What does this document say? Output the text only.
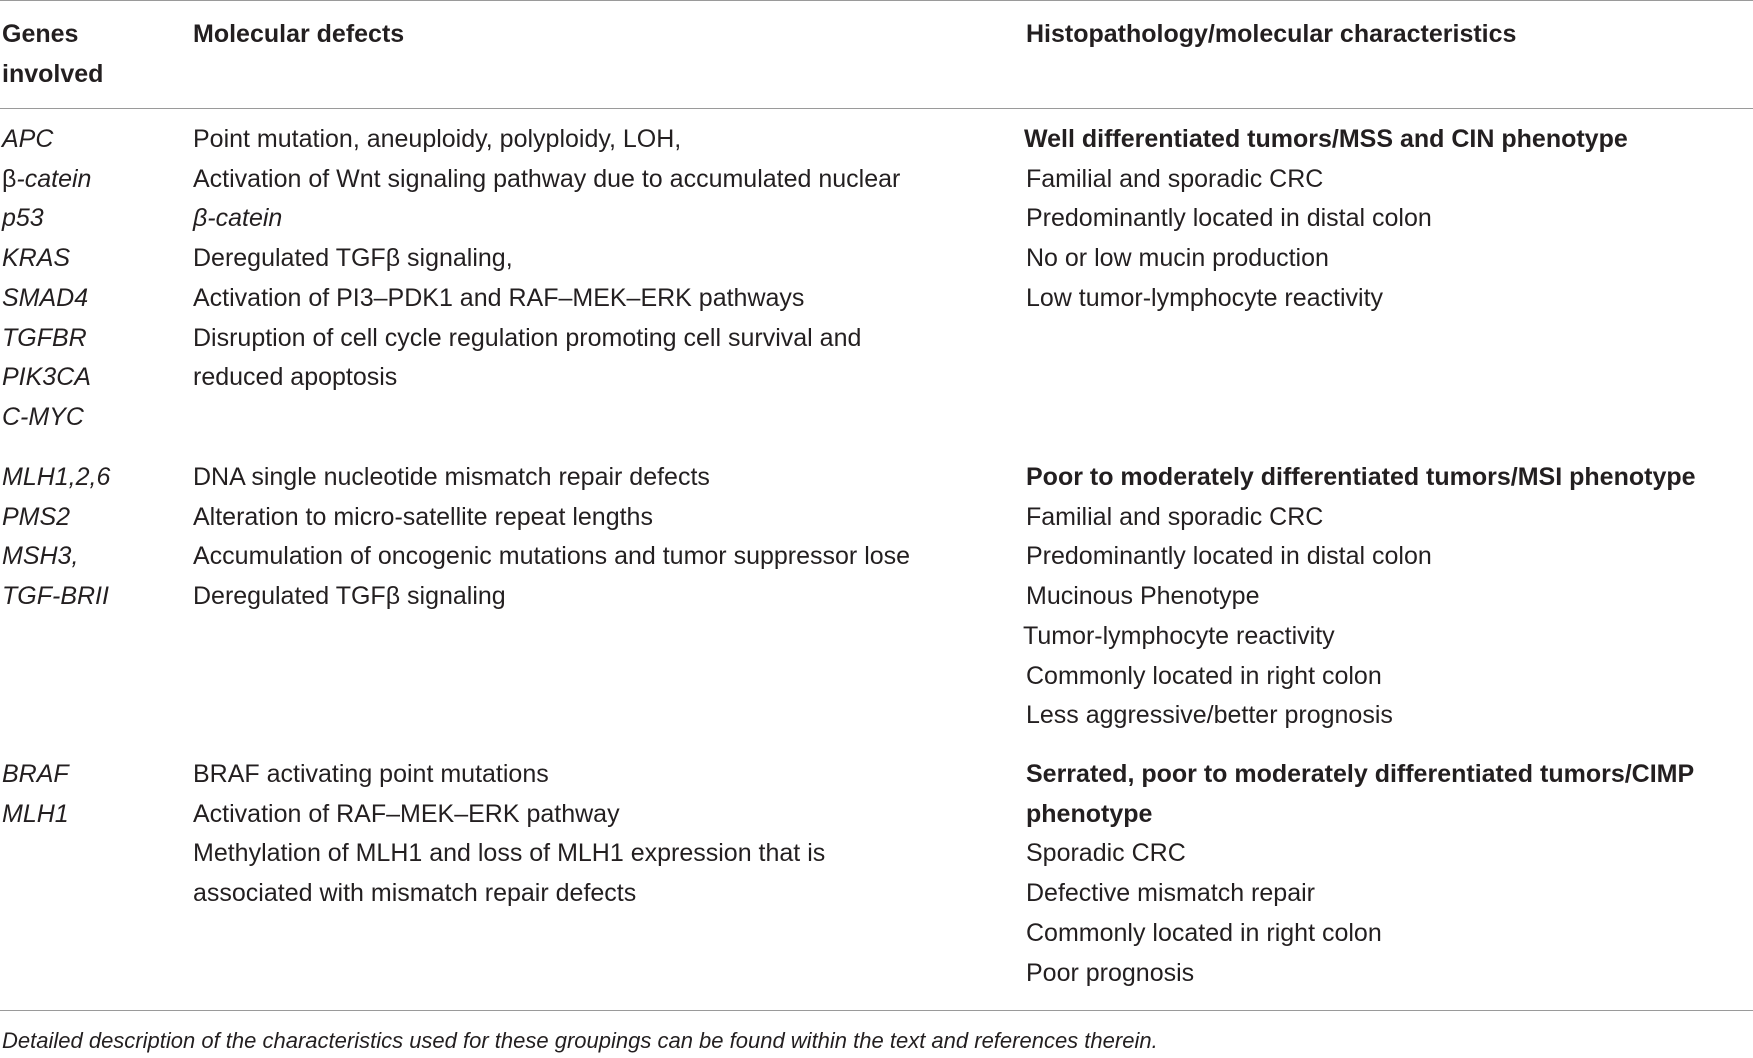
Genes
involved
Molecular defects	Histopathology/molecular characteristics
APC
β-catein
p53
KRAS
SMAD4
TGFBR
PIK3CA
C-MYC
Point mutation, aneuploidy, polyploidy, LOH,
Activation of Wnt signaling pathway due to accumulated nuclear
β-catein
Deregulated TGFβ signaling,
Activation of PI3–PDK1 and RAF–MEK–ERK pathways
Disruption of cell cycle regulation promoting cell survival and
reduced apoptosis
Well differentiated tumors/MSS and CIN phenotype
Familial and sporadic CRC
Predominantly located in distal colon
No or low mucin production
Low tumor-lymphocyte reactivity
MLH1,2,6
PMS2
MSH3,
TGF-BRII
DNA single nucleotide mismatch repair defects
Alteration to micro-satellite repeat lengths
Accumulation of oncogenic mutations and tumor suppressor lose
Deregulated TGFβ signaling
Poor to moderately differentiated tumors/MSI phenotype
Familial and sporadic CRC
Predominantly located in distal colon
Mucinous Phenotype
Tumor-lymphocyte reactivity
Commonly located in right colon
Less aggressive/better prognosis
BRAF
MLH1
BRAF activating point mutations
Activation of RAF–MEK–ERK pathway
Methylation of MLH1 and loss of MLH1 expression that is
associated with mismatch repair defects
Serrated, poor to moderately differentiated tumors/CIMP
phenotype
Sporadic CRC
Defective mismatch repair
Commonly located in right colon
Poor prognosis
Detailed description of the characteristics used for these groupings can be found within the text and references therein.
